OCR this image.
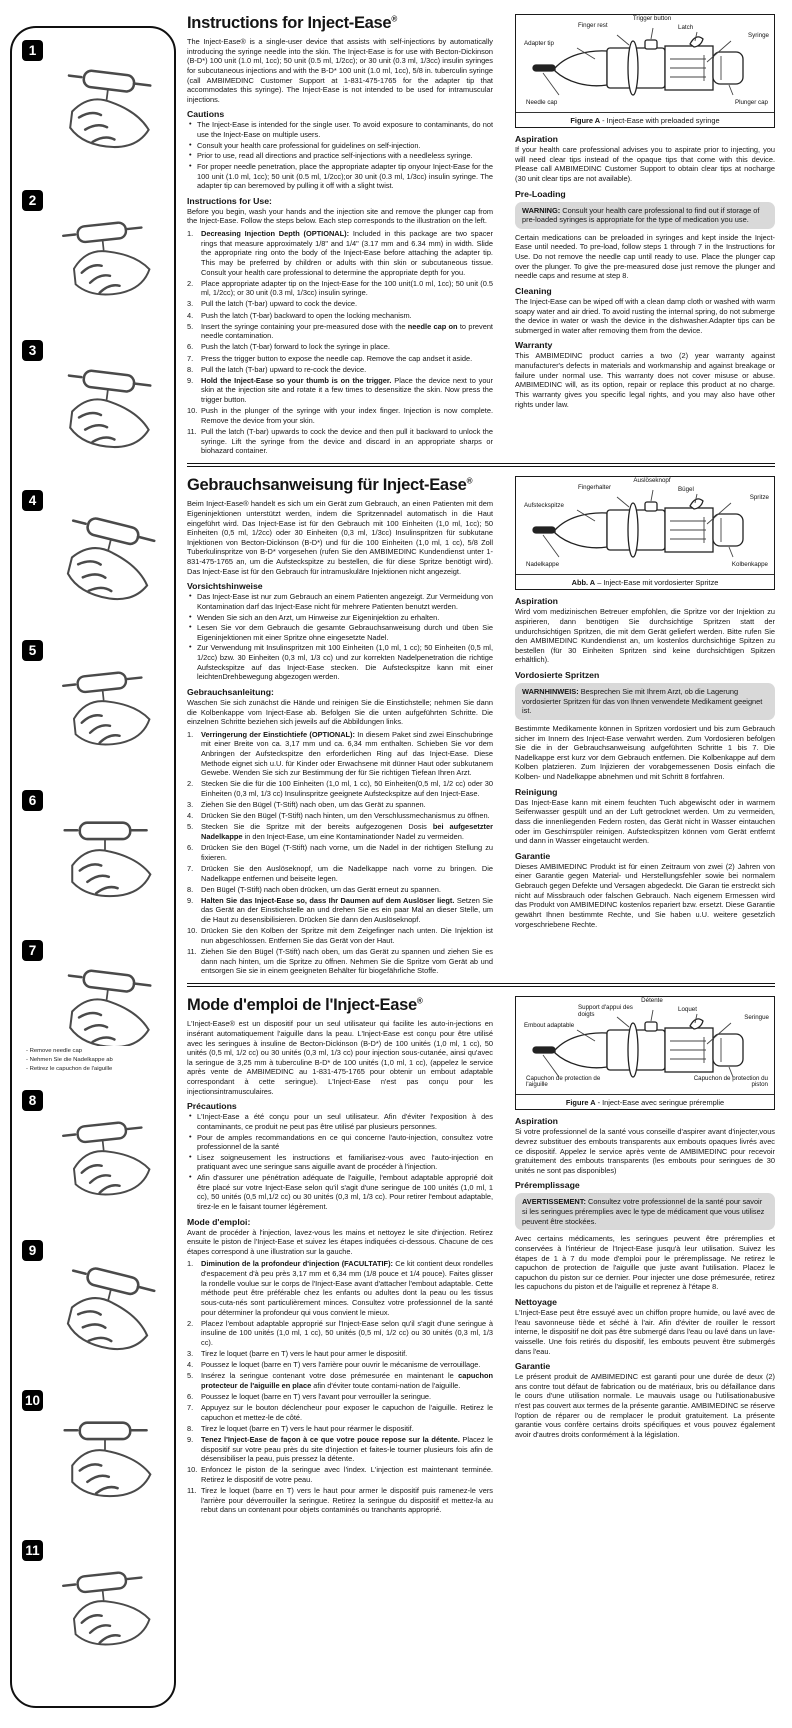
1
2
3
4
5
6
7
8
9
10
11
- Remove needle cap
- Nehmen Sie die Nadelkappe ab
- Retirez le capuchon de l'aiguille
Instructions for Inject-Ease®

The Inject-Ease® is a single-user device that assists with self-injections by automatically introducing the syringe needle into the skin. The Inject-Ease is for use with Becton-Dickinson (B-D*) 100 unit (1.0 ml, 1cc); 50 unit (0.5 ml, 1/2cc); or 30 unit (0.3 ml, 1/3cc) insulin syringes for subcutaneous injections and with the B-D* 100 unit (1.0 ml, 1cc), 5/8 in. tuberculin syringe (call AMBIMEDINC Customer Support at 1-831-475-1765 for the adapter tip that accommodates this syringe). The Inject-Ease is not intended to be used for intramuscular injections.

Cautions
• The Inject-Ease is intended for the single user. To avoid exposure to contaminants, do not use the Inject-Ease on multiple users.
• Consult your health care professional for guidelines on self-injection.
• Prior to use, read all directions and practice self-injections with a needleless syringe.
• For proper needle penetration, place the appropriate adapter tip onyour Inject-Ease for the 100 unit (1.0 ml, 1cc); 50 unit (0.5 ml, 1/2cc);or 30 unit (0.3 ml, 1/3cc) insulin syringe. The adapter tip can beremoved by pulling it off with a slight twist.
Instructions for Use:

Before you begin, wash your hands and the injection site and remove the plunger cap from the Inject-Ease. Follow the steps below. Each step corresponds to the illustration on the left.

Decreasing Injection Depth (OPTIONAL): Included in this package are two spacer rings that measure approximately 1/8" and 1/4" (3.17 mm and 6.34 mm) in width. Slide the appropriate ring onto the body of the Inject-Ease before attaching the adapter tip. This may be preferred by children or adults with thin skin or subcutaneous tissue. Consult your health care professional to determine the appropriate depth for you.
Place appropriate adapter tip on the Inject-Ease for the 100 unit(1.0 ml, 1cc); 50 unit (0.5 ml, 1/2cc); or 30 unit (0.3 ml, 1/3cc) insulin syringe.
Pull the latch (T-bar) upward to cock the device.
Push the latch (T-bar) backward to open the locking mechanism.
Insert the syringe containing your pre-measured dose with the needle cap on to prevent needle contamination.
Push the latch (T-bar) forward to lock the syringe in place.
Press the trigger button to expose the needle cap. Remove the cap andset it aside.
Pull the latch (T-bar) upward to re-cock the device.
Hold the Inject-Ease so your thumb is on the trigger. Place the device next to your skin at the injection site and rotate it a few times to desensitize the skin. Now press the trigger button.
Push in the plunger of the syringe with your index finger. Injection is now complete. Remove the device from your skin.
Pull the latch (T-bar) upwards to cock the device and then pull it backward to unlock the syringe. Lift the syringe from the device and discard in an appropriate sharps or biohazard container.
Adapter tip
Finger rest
Trigger button
Latch
Syringe
Needle cap	Plunger cap
Figure A - Inject-Ease with preloaded syringe
Aspiration

If your health care professional advises you to aspirate prior to injecting, you will need clear tips instead of the opaque tips that come with this device. Please call AMBIMEDINC Customer Support to obtain clear tips at nocharge (30 unit clear tips are not available).

Pre-Loading
WARNING: Consult your health care professional to find out if storage of pre-loaded syringes is appropriate for the type of medication you use.

Certain medications can be preloaded in syringes and kept inside the Inject-Ease until needed. To pre-load, follow steps 1 through 7 in the Instructions for Use. Do not remove the needle cap until ready to use. Place the plunger cap over the plunger. To give the pre-measured dose just remove the plunger and needle caps and resume at step 8.

Cleaning

The Inject-Ease can be wiped off with a clean damp cloth or washed with warm soapy water and air dried. To avoid rusting the internal spring, do not submerge the device in water or wash the device in the dishwasher.Adapter tips can be submerged in water after removing them from the device.

Warranty

This AMBIMEDINC product carries a two (2) year warranty against manufacturer's defects in materials and workmanship and against breakage or failure under normal use. This warranty does not cover misuse or abuse. AMBIMEDINC will, as its option, repair or replace this product at no charge. This warranty gives you specific legal rights, and you may also have other rights under law.

Gebrauchsanweisung für Inject-Ease®

Beim Inject-Ease® handelt es sich um ein Gerät zum Gebrauch, an einen Patienten mit dem Eigeninjektionen unterstützt werden, indem die Spritzennadel automatisch in die Haut eingeführt wird. Das Inject-Ease ist für den Gebrauch mit 100 Einheiten (1,0 ml, 1cc); 50 Einheiten (0,5 ml, 1/2cc) oder 30 Einheiten (0,3 ml, 1/3cc) Insulinspritzen für subkutane Injektionen von Becton-Dickinson (B-D*) und für die 100 Einheiten (1,0 ml, 1 cc), 5/8 Zoll Tuberkulinspritze von B-D* vorgesehen (rufen Sie den AMBIMEDINC Kundendienst unter 1-831-475-1765 an, um die Aufsteckspitze zu bestellen, die für diese Spritze benötigt wird). Das Inject-Ease ist für den Gebrauch für intramuskuläre Injektionen nicht angezeigt.

Vorsichtshinweise
• Das Inject-Ease ist nur zum Gebrauch an einem Patienten angezeigt. Zur Vermeidung von Kontamination darf das Inject-Ease nicht für mehrere Patienten benutzt werden.
• Wenden Sie sich an den Arzt, um Hinweise zur Eigeninjektion zu erhalten.
• Lesen Sie vor dem Gebrauch die gesamte Gebrauchsanweisung durch und üben Sie Eigeninjektionen mit einer Spritze ohne eingesetzte Nadel.
• Zur Verwendung mit Insulinspritzen mit 100 Einheiten (1,0 ml, 1 cc); 50 Einheiten (0,5 ml, 1/2cc) bzw. 30 Einheiten (0,3 ml, 1/3 cc) und zur korrekten Nadelpenetration die richtige Aufsteckspitze auf das Inject-Ease stecken. Die Aufsteckspitze kann mit einer leichtenDrehbewegung abgezogen werden.
Gebrauchsanleitung:

Waschen Sie sich zunächst die Hände und reinigen Sie die Einstichstelle; nehmen Sie dann die Kolbenkappe vom Inject-Ease ab. Befolgen Sie die unten aufgeführten Schritte. Die einzelnen Schritte beziehen sich jeweils auf die Abbildungen links.

Verringerung der Einstichtiefe (OPTIONAL): In diesem Paket sind zwei Einschubringe mit einer Breite von ca. 3,17 mm und ca. 6,34 mm enthalten. Schieben Sie vor dem Anbringen der Aufsteckspitze den erforderlichen Ring auf das Inject-Ease. Diese Methode eignet sich u.U. für Kinder oder Erwachsene mit dünner Haut oder subkutanem Gewebe. Wenden Sie sich zur Bestimmung der für Sie richtigen Tiefean Ihren Arzt.
Stecken Sie die für die 100 Einheiten (1,0 ml, 1 cc), 50 Einheiten(0,5 ml, 1/2 cc) oder 30 Einheiten (0,3 ml, 1/3 cc) Insulinspritze geeignete Aufsteckspitze auf den Inject-Ease.
Ziehen Sie den Bügel (T-Stift) nach oben, um das Gerät zu spannen.
Drücken Sie den Bügel (T-Stift) nach hinten, um den Verschlussmechanismus zu öffnen.
Stecken Sie die Spritze mit der bereits aufgezogenen Dosis bei aufgesetzter Nadelkappe in den Inject-Ease, um eine Kontaminationder Nadel zu vermeiden.
Drücken Sie den Bügel (T-Stift) nach vorne, um die Nadel in der richtigen Stellung zu fixieren.
Drücken Sie den Auslöseknopf, um die Nadelkappe nach vorne zu bringen. Die Nadelkappe entfernen und beiseite legen.
Den Bügel (T-Stift) nach oben drücken, um das Gerät erneut zu spannen.
Halten Sie das Inject-Ease so, dass Ihr Daumen auf dem Auslöser liegt. Setzen Sie das Gerät an der Einstichstelle an und drehen Sie es ein paar Mal an dieser Stelle, um die Haut zu desensibilisieren. Drücken Sie dann den Auslöseknopf.
Drücken Sie den Kolben der Spritze mit dem Zeigefinger nach unten. Die Injektion ist nun abgeschlossen. Entfernen Sie das Gerät von der Haut.
Ziehen Sie den Bügel (T-Stift) nach oben, um das Gerät zu spannen und ziehen Sie es dann nach hinten, um die Spritze zu öffnen. Nehmen Sie die Spritze vom Gerät ab und entsorgen Sie sie in einem geeigneten Behälter für biogefährliche Stoffe.
Aufsteckspitze
Fingerhalter
Auslöseknopf
Bügel
Spritze
Nadelkappe	Kolbenkappe
Abb. A – Inject-Ease mit vordosierter Spritze
Aspiration

Wird vom medizinischen Betreuer empfohlen, die Spritze vor der Injektion zu aspirieren, dann benötigen Sie durchsichtige Spritzen statt der undurchsichtigen Spritzen, die mit dem Gerät geliefert werden. Bitte rufen Sie den AMBIMEDINC Kundendienst an, um kostenlos durchsichtige Spitzen zu bestellen (für 30 Einheiten Spritzen sind keine durchsichtigen Spitzen erhältlich).

Vordosierte Spritzen
WARNHINWEIS: Besprechen Sie mit Ihrem Arzt, ob die Lagerung vordosierter Spritzen für das von Ihnen verwendete Medikament geeignet ist.

Bestimmte Medikamente können in Spritzen vordosiert und bis zum Gebrauch sicher im Innern des Inject-Ease verwahrt werden. Zum Vordosieren befolgen Sie die in der Gebrauchsanweisung aufgeführten Schritte 1 bis 7. Die Nadelkappe erst kurz vor dem Gebrauch entfernen. Die Kolbenkappe auf dem Kolben platzieren. Zum Injizieren der vorabgemessenen Dosis einfach die Kolben- und Nadelkappe abnehmen und mit Schritt 8 fortfahren.

Reinigung

Das Inject-Ease kann mit einem feuchten Tuch abgewischt oder in warmem Seifenwasser gespült und an der Luft getrocknet werden. Um zu vermeiden, dass die innenliegenden Federn rosten, das Gerät nicht in Wasser eintauchen oder im Geschirrspüler reinigen. Aufsteckspitzen können vom Gerät entfernt und dann in Wasser eingetaucht werden.

Garantie

Dieses AMBIMEDINC Produkt ist für einen Zeitraum von zwei (2) Jahren von einer Garantie gegen Material- und Herstellungsfehler sowie bei normalem Gebrauch gegen Defekte und Versagen abgedeckt. Die Garan tie erstreckt sich nicht auf Missbrauch oder falschen Gebrauch. Nach eigenem Ermessen wird das Produkt von AMBIMEDINC kostenlos repariert bzw. ersetzt. Diese Garantie gewährt Ihnen bestimmte Rechte, und Sie haben u.U. weitere gesetzlich vorgeschriebene Rechte.

Mode d'emploi de l'Inject-Ease®

L'Inject-Ease® est un dispositif pour un seul utilisateur qui facilite les auto-in-jections en insérant automatiquement l'aiguille dans la peau. L'Inject-Ease est conçu pour être utilisé avec les seringues à insuline de Becton-Dickinson (B-D*) de 100 unités (1,0 ml, 1 cc), 50 unités (0,5 ml, 1/2 cc) ou 30 unités (0,3 ml, 1/3 cc) pour injection sous-cutanée, ainsi qu'avec la seringue de 3,25 mm à tuberculine B-D* de 100 unités (1,0 ml, 1 cc), (appelez le service après vente de AMBIMEDINC au 1-831-475-1765 pour obtenir un embout adaptable correspondant à cette seringue). L'Inject-Ease n'est pas conçu pour les injectionsintramusculaires.

Précautions
• L'Inject-Ease a été conçu pour un seul utilisateur. Afin d'éviter l'exposition à des contaminants, ce produit ne peut pas être utilisé par plusieurs personnes.
• Pour de amples recommandations en ce qui concerne l'auto-injection, consultez votre professionnel de la santé
• Lisez soigneusement les instructions et familiarisez-vous avec l'auto-injection en pratiquant avec une seringue sans aiguille avant de procéder à l'injection.
• Afin d'assurer une pénétration adéquate de l'aiguille, l'embout adaptable approprié doit être placé sur votre Inject-Ease selon qu'il s'agit d'une seringue de 100 unités (1,0 ml, 1 cc), 50 unités (0,5 ml,1/2 cc) ou 30 unités (0,3 ml, 1/3 cc). Pour retirer l'embout adaptable, tirez-le en le faisant tourner légèrement.
Mode d'emploi:

Avant de procéder à l'injection, lavez-vous les mains et nettoyez le site d'injection. Retirez ensuite le piston de l'Inject-Ease et suivez les étapes indiquées ci-dessous. Chacune de ces étapes correspond à une illustration sur la gauche.

Diminution de la profondeur d'injection (FACULTATIF): Ce kit contient deux rondelles d'espacement d'à peu près 3,17 mm et 6,34 mm (1/8 pouce et 1/4 pouce). Faites glisser la rondelle voulue sur le corps de l'Inject-Ease avant d'attacher l'embout adaptable. Cette méthode peut être préférable chez les enfants ou adultes dont la peau ou les tissus sous-cuta-nés sont particulièrement minces. Consultez votre professionnel de la santé pour déterminer la profondeur qui vous convient le mieux.
Placez l'embout adaptable approprié sur l'Inject-Ease selon qu'il s'agit d'une seringue à insuline de 100 unités (1,0 ml, 1 cc), 50 unités (0,5 ml, 1/2 cc) ou 30 unités (0,3 ml, 1/3 cc).
Tirez le loquet (barre en T) vers le haut pour armer le dispositif.
Poussez le loquet (barre en T) vers l'arrière pour ouvrir le mécanisme de verrouillage.
Insérez la seringue contenant votre dose prémesurée en maintenant le capuchon protecteur de l'aiguille en place afin d'éviter toute contami-nation de l'aiguille.
Poussez le loquet (barre en T) vers l'avant pour verrouiller la seringue.
Appuyez sur le bouton déclencheur pour exposer le capuchon de l'aiguille. Retirez le capuchon et mettez-le de côté.
Tirez le loquet (barre en T) vers le haut pour réarmer le dispositif.
Tenez l'Inject-Ease de façon à ce que votre pouce repose sur la détente. Placez le dispositif sur votre peau près du site d'injection et faites-le tourner plusieurs fois afin de désensibiliser la peau, puis pressez la détente.
Enfoncez le piston de la seringue avec l'index. L'injection est maintenant terminée. Retirez le dispositif de votre peau.
Tirez le loquet (barre en T) vers le haut pour armer le dispositif puis ramenez-le vers l'arrière pour déverrouiller la seringue. Retirez la seringue du dispositif et mettez-la au rebut dans un contenant pour objets contaminés ou tranchants approprié.
Embout adaptable
Support d'appui des doigts
Détente
Loquet
Seringue
Capuchon de protection de l'aiguille
Capuchon de protection du piston
Figure A - Inject-Ease avec seringue préremplie
Aspiration

Si votre professionnel de la santé vous conseille d'aspirer avant d'injecter,vous devrez substituer des embouts transparents aux embouts opaques livrés avec ce dispositif. Appelez le service après vente de AMBIMEDINC pour recevoir gratuitement des embouts transparents (les embouts pour seringues de 30 unités ne sont pas disponibles)

Préremplissage
AVERTISSEMENT: Consultez votre professionnel de la santé pour savoir si les seringues préremplies avec le type de médicament que vous utilisez peuvent être stockées.

Avec certains médicaments, les seringues peuvent être préremplies et conservées à l'intérieur de l'Inject-Ease jusqu'à leur utilisation. Suivez les étapes de 1 à 7 du mode d'emploi pour le préremplissage. Ne retirez le capuchon de protection de l'aiguille que juste avant l'utilisation. Placez le capuchon du piston sur ce dernier. Pour injecter une dose prémesurée, retirez les capuchons du piston et de l'aiguille et reprenez à l'étape 8.

Nettoyage

L'Inject-Ease peut être essuyé avec un chiffon propre humide, ou lavé avec de l'eau savonneuse tiède et séché à l'air. Afin d'éviter de rouiller le ressort interne, le dispositif ne doit pas être submergé dans l'eau ou lavé dans un lave-vaisselle. Une fois retirés du dispositif, les embouts peuvent être submergés dans l'eau.

Garantie

Le présent produit de AMBIMEDINC est garanti pour une durée de deux (2) ans contre tout défaut de fabrication ou de matériaux, bris ou défaillance dans le cours d'une utilisation normale. Le mauvais usage ou l'utilisationabusive n'est pas couvert aux termes de la présente garantie. AMBIMEDINC se réserve l'option de réparer ou de remplacer le produit gratuitement. La présente garantie vous confère certains droits spécifiques et vous pouvez également avoir d'autres droits conformément à la législation.
